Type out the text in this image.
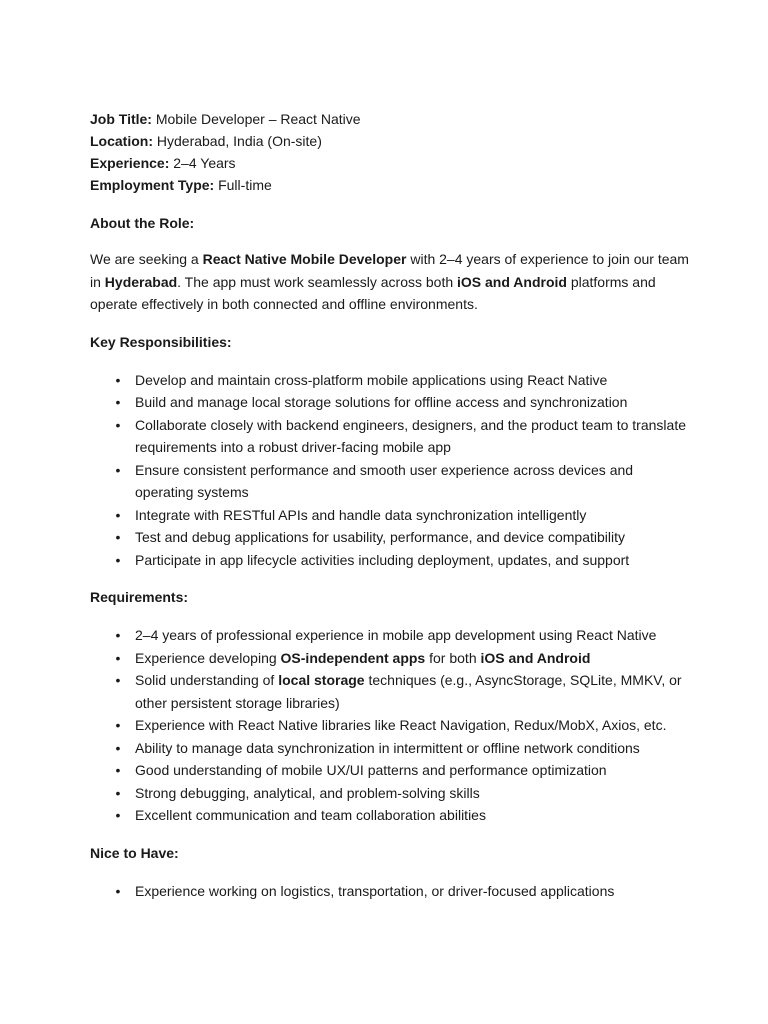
Job Title: Mobile Developer – React Native
Location: Hyderabad, India (On-site)
Experience: 2–4 Years
Employment Type: Full-time
About the Role:
We are seeking a React Native Mobile Developer with 2–4 years of experience to join our team in Hyderabad. The app must work seamlessly across both iOS and Android platforms and operate effectively in both connected and offline environments.
Key Responsibilities:
• Develop and maintain cross-platform mobile applications using React Native
• Build and manage local storage solutions for offline access and synchronization
• Collaborate closely with backend engineers, designers, and the product team to translate requirements into a robust driver-facing mobile app
• Ensure consistent performance and smooth user experience across devices and operating systems
• Integrate with RESTful APIs and handle data synchronization intelligently
• Test and debug applications for usability, performance, and device compatibility
• Participate in app lifecycle activities including deployment, updates, and support
Requirements:
• 2–4 years of professional experience in mobile app development using React Native
• Experience developing OS-independent apps for both iOS and Android
• Solid understanding of local storage techniques (e.g., AsyncStorage, SQLite, MMKV, or other persistent storage libraries)
• Experience with React Native libraries like React Navigation, Redux/MobX, Axios, etc.
• Ability to manage data synchronization in intermittent or offline network conditions
• Good understanding of mobile UX/UI patterns and performance optimization
• Strong debugging, analytical, and problem-solving skills
• Excellent communication and team collaboration abilities
Nice to Have:
• Experience working on logistics, transportation, or driver-focused applications
